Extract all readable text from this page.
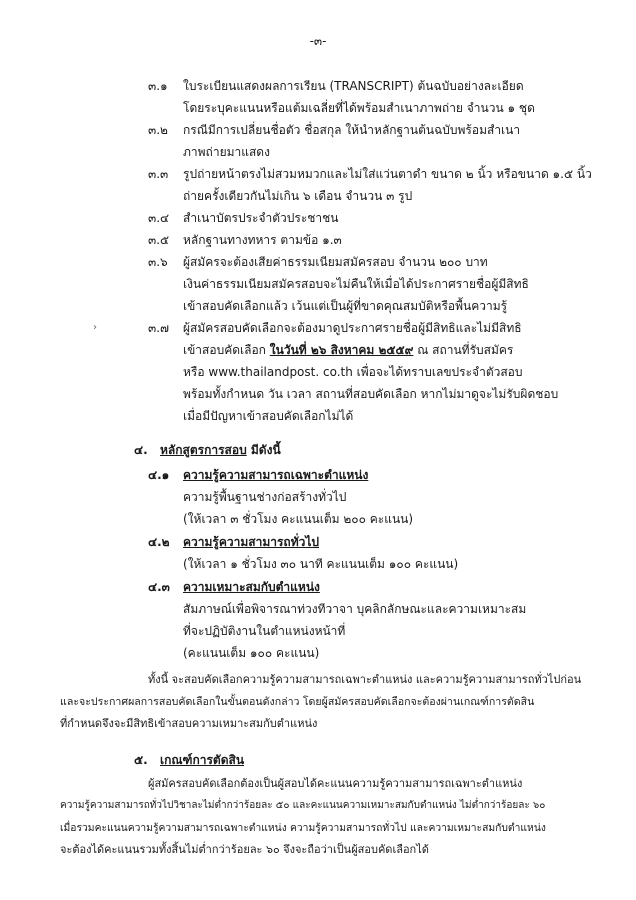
-๓-
๓.๑ ใบระเบียนแสดงผลการเรียน (TRANSCRIPT) ต้นฉบับอย่างละเอียด
โดยระบุคะแนนหรือแต้มเฉลี่ยที่ได้พร้อมสำเนาภาพถ่าย จำนวน ๑ ชุด
๓.๒ กรณีมีการเปลี่ยนชื่อตัว ชื่อสกุล ให้นำหลักฐานต้นฉบับพร้อมสำเนา
ภาพถ่ายมาแสดง
๓.๓ รูปถ่ายหน้าตรงไม่สวมหมวกและไม่ใส่แว่นตาดำ ขนาด ๒ นิ้ว หรือขนาด ๑.๕ นิ้ว
ถ่ายครั้งเดียวกันไม่เกิน ๖ เดือน จำนวน ๓ รูป
๓.๔ สำเนาบัตรประจำตัวประชาชน
๓.๕ หลักฐานทางทหาร ตามข้อ ๑.๓
๓.๖ ผู้สมัครจะต้องเสียค่าธรรมเนียมสมัครสอบ จำนวน ๒๐๐ บาท
เงินค่าธรรมเนียมสมัครสอบจะไม่คืนให้เมื่อได้ประกาศรายชื่อผู้มีสิทธิ
เข้าสอบคัดเลือกแล้ว เว้นแต่เป็นผู้ที่ขาดคุณสมบัติหรือพื้นความรู้
๓.๗ ผู้สมัครสอบคัดเลือกจะต้องมาดูประกาศรายชื่อผู้มีสิทธิและไม่มีสิทธิ
เข้าสอบคัดเลือก ในวันที่ ๒๖ สิงหาคม ๒๕๕๙ ณ สถานที่รับสมัคร
หรือ www.thailandpost. co.th เพื่อจะได้ทราบเลขประจำตัวสอบ
พร้อมทั้งกำหนด วัน เวลา สถานที่สอบคัดเลือก หากไม่มาดูจะไม่รับผิดชอบ
เมื่อมีปัญหาเข้าสอบคัดเลือกไม่ได้
›
๔. หลักสูตรการสอบ มีดังนี้
๔.๑ ความรู้ความสามารถเฉพาะตำแหน่ง
ความรู้พื้นฐานช่างก่อสร้างทั่วไป
(ให้เวลา ๓ ชั่วโมง คะแนนเต็ม ๒๐๐ คะแนน)
๔.๒ ความรู้ความสามารถทั่วไป
(ให้เวลา ๑ ชั่วโมง ๓๐ นาที คะแนนเต็ม ๑๐๐ คะแนน)
๔.๓ ความเหมาะสมกับตำแหน่ง
สัมภาษณ์เพื่อพิจารณาท่วงทีวาจา บุคลิกลักษณะและความเหมาะสม
ที่จะปฏิบัติงานในตำแหน่งหน้าที่
(คะแนนเต็ม ๑๐๐ คะแนน)
ทั้งนี้ จะสอบคัดเลือกความรู้ความสามารถเฉพาะตำแหน่ง และความรู้ความสามารถทั่วไปก่อน
และจะประกาศผลการสอบคัดเลือกในขั้นตอนดังกล่าว โดยผู้สมัครสอบคัดเลือกจะต้องผ่านเกณฑ์การตัดสิน
ที่กำหนดจึงจะมีสิทธิเข้าสอบความเหมาะสมกับตำแหน่ง
๕. เกณฑ์การตัดสิน
ผู้สมัครสอบคัดเลือกต้องเป็นผู้สอบได้คะแนนความรู้ความสามารถเฉพาะตำแหน่ง
ความรู้ความสามารถทั่วไปวิชาละไม่ต่ำกว่าร้อยละ ๕๐ และคะแนนความเหมาะสมกับตำแหน่ง ไม่ต่ำกว่าร้อยละ ๖๐
เมื่อรวมคะแนนความรู้ความสามารถเฉพาะตำแหน่ง ความรู้ความสามารถทั่วไป และความเหมาะสมกับตำแหน่ง
จะต้องได้คะแนนรวมทั้งสิ้นไม่ต่ำกว่าร้อยละ ๖๐ จึงจะถือว่าเป็นผู้สอบคัดเลือกได้
